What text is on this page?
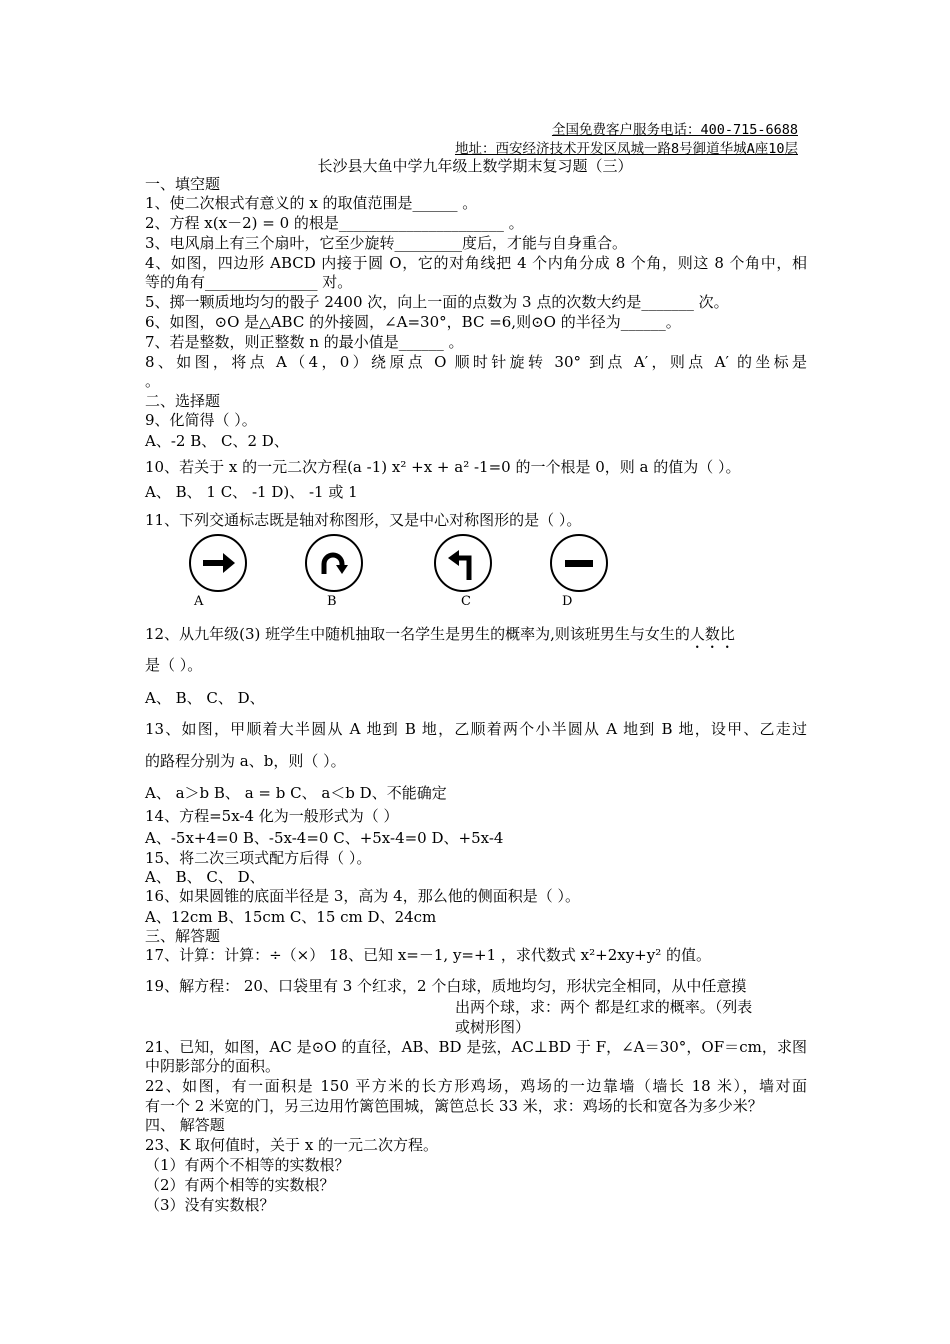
全国免费客户服务电话：400-715-6688
地址：西安经济技术开发区凤城一路8号御道华城A座10层
长沙县大鱼中学九年级上数学期末复习题（三）
一、填空题
1、使二次根式有意义的 x 的取值范围是______ 。
2、方程 x(x－2) = 0 的根是______________________ 。
3、电风扇上有三个扇叶，它至少旋转_________度后，才能与自身重合。
4、如图，四边形 ABCD 内接于圆 O，它的对角线把 4 个内角分成 8 个角，则这 8 个角中，相
等的角有_______________ 对。
5、掷一颗质地均匀的骰子 2400 次，向上一面的点数为 3 点的次数大约是_______ 次。
6、如图，⊙O 是△ABC 的外接圆，∠A=30°，BC =6,则⊙O 的半径为______。
7、若是整数，则正整数 n 的最小值是______ 。
8、如图，将点 A（4，0）绕原点 O 顺时针旋转 30° 到点 A′，则点 A′ 的坐标是
。
二、选择题
9、化简得（ ）。
A、-2 B、 C、2 D、
10、若关于 x 的一元二次方程(a -1) x² +x + a² -1=0 的一个根是 0，则 a 的值为（ ）。
A、 B、 1 C、 -1 D)、 -1 或 1
11、下列交通标志既是轴对称图形，又是中心对称图形的是（ ）。
A	B	C	D
12、从九年级(3) 班学生中随机抽取一名学生是男生的概率为,则该班男生与女生的人数比
是（ ）。
A、 B、 C、 D、
13、如图，甲顺着大半圆从 A 地到 B 地，乙顺着两个小半圆从 A 地到 B 地，设甲、乙走过
的路程分别为 a、b，则（ ）。
A、 a＞b B、 a = b C、 a＜b D、不能确定
14、方程=5x-4 化为一般形式为（ ）
A、-5x+4=0 B、-5x-4=0 C、+5x-4=0 D、+5x-4
15、将二次三项式配方后得（ ）。
A、 B、 C、 D、
16、如果圆锥的底面半径是 3，高为 4，那么他的侧面积是（ ）。
A、12cm B、15cm C、15 cm D、24cm
三、解答题
17、计算：计算：÷（×） 18、已知 x=－1, y=+1 ，求代数式 x²+2xy+y² 的值。
19、解方程： 20、口袋里有 3 个红求，2 个白球，质地均匀，形状完全相同，从中任意摸
出两个球，求：两个 都是红求的概率。（列表
或树形图）
21、已知，如图，AC 是⊙O 的直径，AB、BD 是弦，AC⊥BD 于 F，∠A＝30°，OF＝cm，求图
中阴影部分的面积。
22、如图，有一面积是 150 平方米的长方形鸡场，鸡场的一边靠墙（墙长 18 米），墙对面
有一个 2 米宽的门，另三边用竹篱笆围城，篱笆总长 33 米，求：鸡场的长和宽各为多少米？
四、 解答题
23、K 取何值时，关于 x 的一元二次方程。
（1）有两个不相等的实数根？
（2）有两个相等的实数根？
（3）没有实数根？
